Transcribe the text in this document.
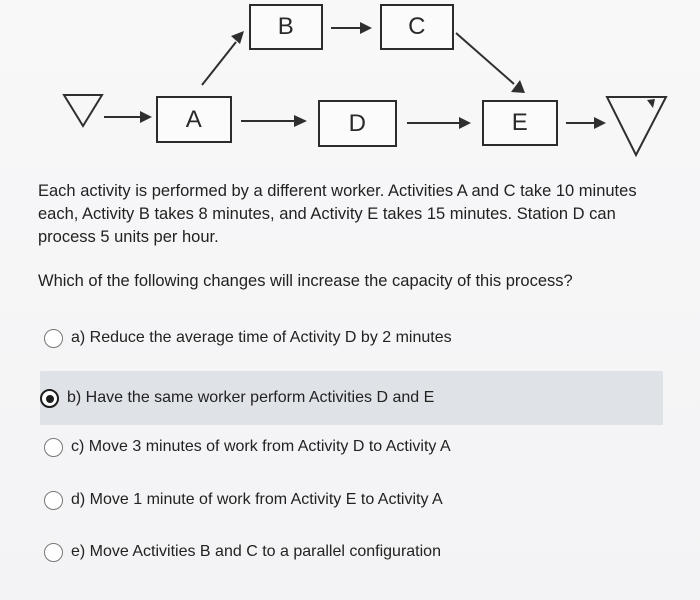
B	C
A	D	E
Each activity is performed by a different worker. Activities A and C take 10 minutes each, Activity B takes 8 minutes, and Activity E takes 15 minutes. Station D can process 5 units per hour.
Which of the following changes will increase the capacity of this process?
a) Reduce the average time of Activity D by 2 minutes
b) Have the same worker perform Activities D and E
c) Move 3 minutes of work from Activity D to Activity A
d) Move 1 minute of work from Activity E to Activity A
e) Move Activities B and C to a parallel configuration
